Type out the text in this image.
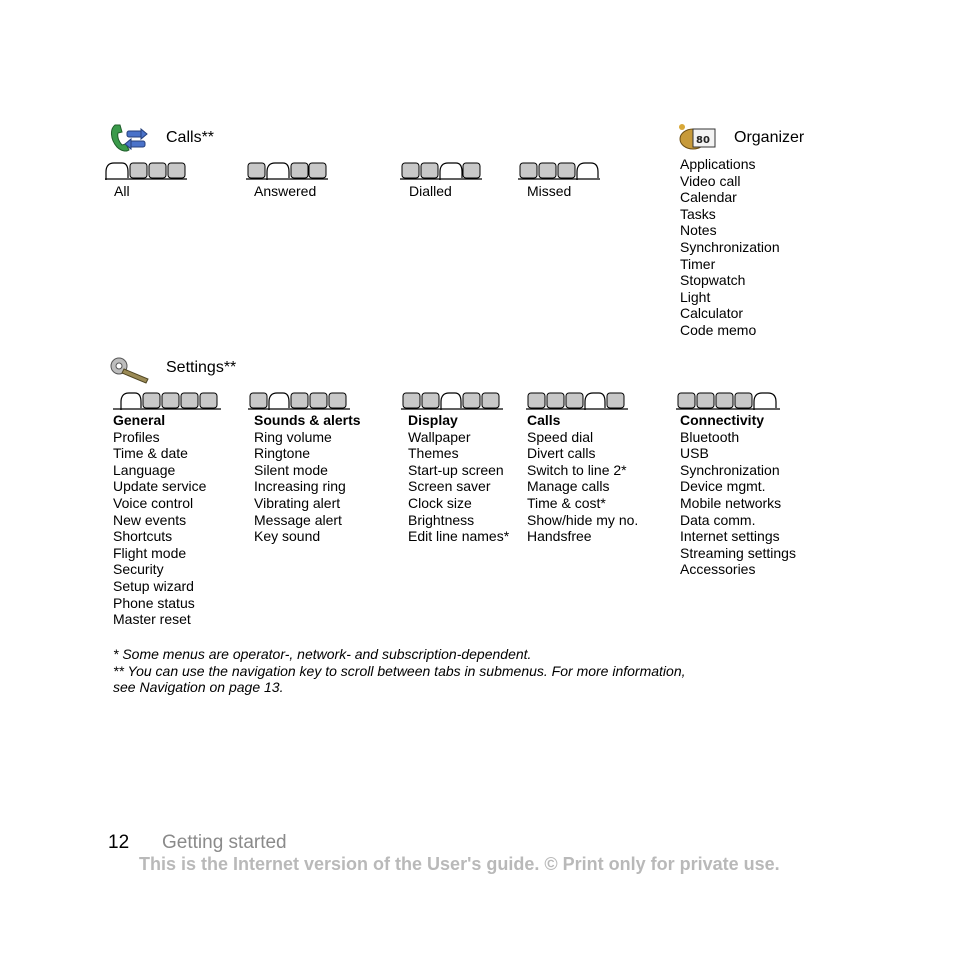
Calls**
All	Answered	Dialled	Missed
80 Organizer
Applications
Video call
Calendar
Tasks
Notes
Synchronization
Timer
Stopwatch
Light
Calculator
Code memo
Settings**
General
Profiles
Time & date
Language
Update service
Voice control
New events
Shortcuts
Flight mode
Security
Setup wizard
Phone status
Master reset
Sounds & alerts
Ring volume
Ringtone
Silent mode
Increasing ring
Vibrating alert
Message alert
Key sound
Display
Wallpaper
Themes
Start-up screen
Screen saver
Clock size
Brightness
Edit line names*
Calls
Speed dial
Divert calls
Switch to line 2*
Manage calls
Time & cost*
Show/hide my no.
Handsfree
Connectivity
Bluetooth
USB
Synchronization
Device mgmt.
Mobile networks
Data comm.
Internet settings
Streaming settings
Accessories
* Some menus are operator-, network- and subscription-dependent.
** You can use the navigation key to scroll between tabs in submenus. For more information,
see Navigation on page 13.
12 Getting started
This is the Internet version of the User's guide. © Print only for private use.
